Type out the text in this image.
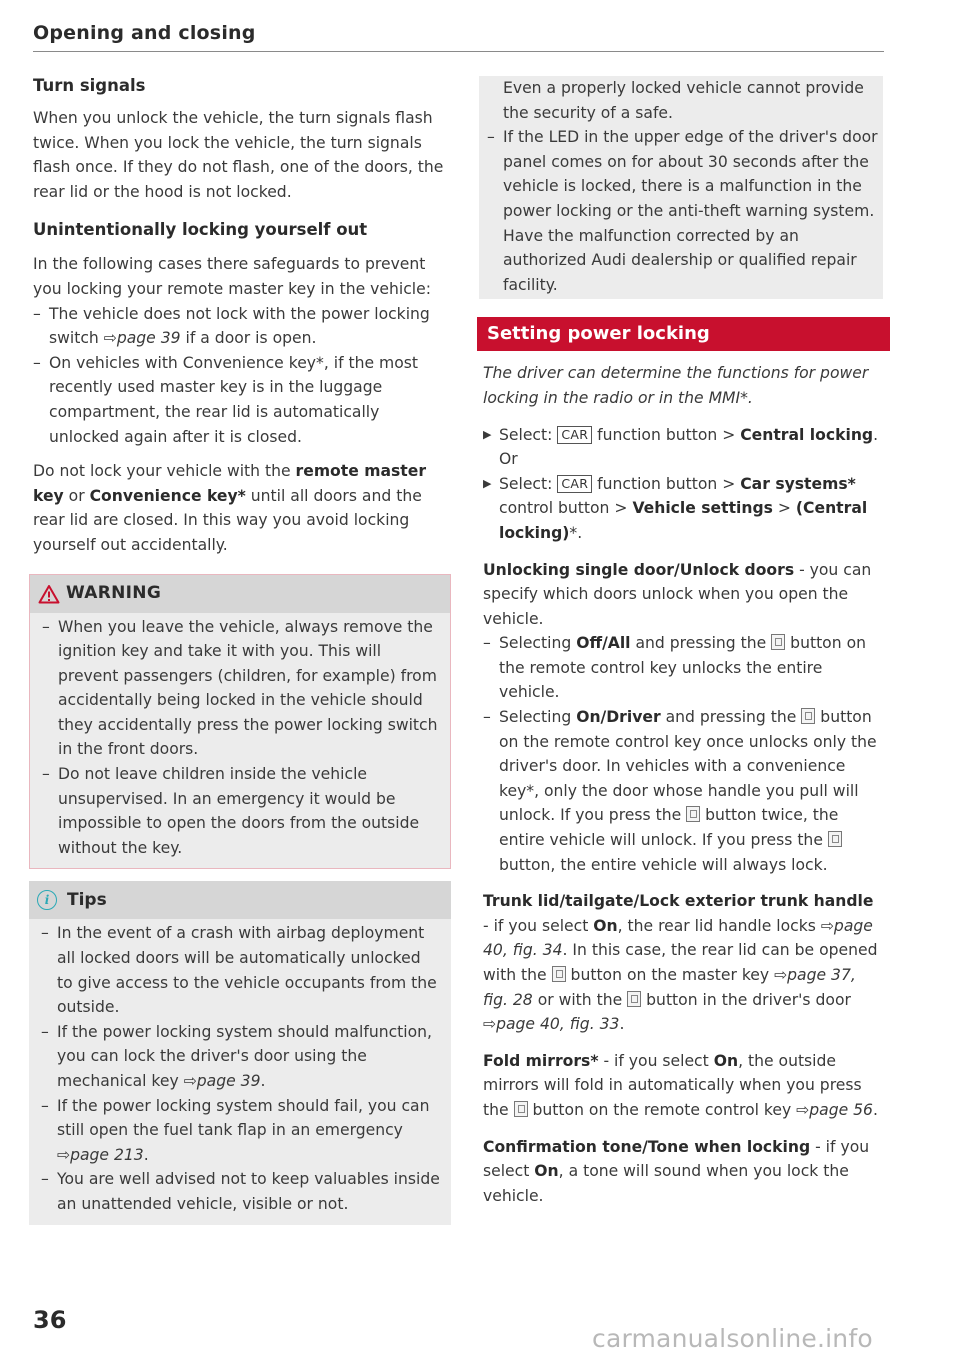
Opening and closing
Turn signals

When you unlock the vehicle, the turn signals flash twice. When you lock the vehicle, the turn signals flash once. If they do not flash, one of the doors, the rear lid or the hood is not locked.

Unintentionally locking yourself out

In the following cases there safeguards to prevent you locking your remote master key in the vehicle:

– The vehicle does not lock with the power locking switch ⇨page 39 if a door is open.
– On vehicles with Convenience key*, if the most recently used master key is in the luggage compartment, the rear lid is automatically unlocked again after it is closed.

Do not lock your vehicle with the remote master key or Convenience key* until all doors and the rear lid are closed. In this way you avoid locking yourself out accidentally.

WARNING
– When you leave the vehicle, always remove the ignition key and take it with you. This will prevent passengers (children, for example) from accidentally being locked in the vehicle should they accidentally press the power locking switch in the front doors.
– Do not leave children inside the vehicle unsupervised. In an emergency it would be impossible to open the doors from the outside without the key.
i	Tips
– In the event of a crash with airbag deployment all locked doors will be automatically unlocked to give access to the vehicle occupants from the outside.
– If the power locking system should malfunction, you can lock the driver's door using the mechanical key ⇨page 39.
– If the power locking system should fail, you can still open the fuel tank flap in an emergency ⇨page 213.
– You are well advised not to keep valuables inside an unattended vehicle, visible or not.
36

Even a properly locked vehicle cannot provide the security of a safe.

– If the LED in the upper edge of the driver's door panel comes on for about 30 seconds after the vehicle is locked, there is a malfunction in the power locking or the anti-theft warning system. Have the malfunction corrected by an authorized Audi dealership or qualified repair facility.
Setting power locking

The driver can determine the functions for power locking in the radio or in the MMI*.

▶ Select: CAR function button > Central locking.
Or
▶ Select: CAR function button > Car systems* control button > Vehicle settings > (Central locking)*.

Unlocking single door/Unlock doors - you can specify which doors unlock when you open the vehicle.

– Selecting Off/All and pressing the  button on the remote control key unlocks the entire vehicle.
– Selecting On/Driver and pressing the  button on the remote control key once unlocks only the driver's door. In vehicles with a convenience key*, only the door whose handle you pull will unlock. If you press the  button twice, the entire vehicle will unlock. If you press the  button, the entire vehicle will always lock.

Trunk lid/tailgate/Lock exterior trunk handle - if you select On, the rear lid handle locks ⇨page 40, fig. 34. In this case, the rear lid can be opened with the  button on the master key ⇨page 37, fig. 28 or with the  button in the driver's door ⇨page 40, fig. 33.

Fold mirrors* - if you select On, the outside mirrors will fold in automatically when you press the  button on the remote control key ⇨page 56.

Confirmation tone/Tone when locking - if you select On, a tone will sound when you lock the vehicle.

carmanualsonline.info
